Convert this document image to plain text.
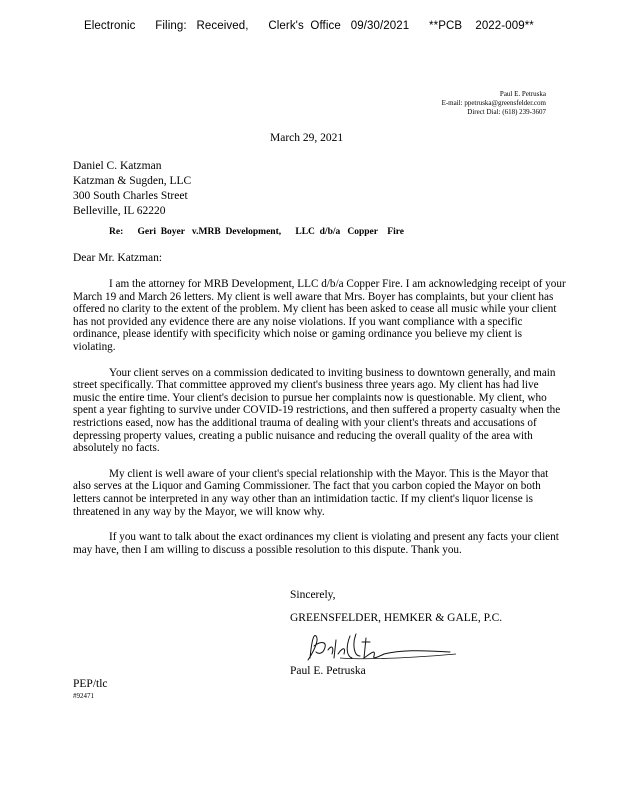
Electronic      Filing:   Received,      Clerk's  Office   09/30/2021      **PCB    2022-009**
Paul E. Petruska
E-mail: ppetruska@greensfelder.com
Direct Dial: (618) 239-3607
March 29, 2021
Daniel C. Katzman
Katzman & Sugden, LLC
300 South Charles Street
Belleville, IL 62220
Re:      Geri  Boyer   v.MRB  Development,      LLC  d/b/a   Copper    Fire
Dear Mr. Katzman:

I am the attorney for MRB Development, LLC d/b/a Copper Fire. I am acknowledging receipt of your March 19 and March 26 letters. My client is well aware that Mrs. Boyer has complaints, but your client has offered no clarity to the extent of the problem. My client has been asked to cease all music while your client has not provided any evidence there are any noise violations. If you want compliance with a specific ordinance, please identify with specificity which noise or gaming ordinance you believe my client is violating.

Your client serves on a commission dedicated to inviting business to downtown generally, and main street specifically. That committee approved my client's business three years ago. My client has had live music the entire time. Your client's decision to pursue her complaints now is questionable. My client, who spent a year fighting to survive under COVID-19 restrictions, and then suffered a property casualty when the restrictions eased, now has the additional trauma of dealing with your client's threats and accusations of depressing property values, creating a public nuisance and reducing the overall quality of the area with absolutely no facts.

My client is well aware of your client's special relationship with the Mayor. This is the Mayor that also serves at the Liquor and Gaming Commissioner. The fact that you carbon copied the Mayor on both letters cannot be interpreted in any way other than an intimidation tactic. If my client's liquor license is threatened in any way by the Mayor, we will know why.

If you want to talk about the exact ordinances my client is violating and present any facts your client may have, then I am willing to discuss a possible resolution to this dispute. Thank you.

Sincerely,
GREENSFELDER, HEMKER & GALE, P.C.
Paul E. Petruska
PEP/tlc
#92471
